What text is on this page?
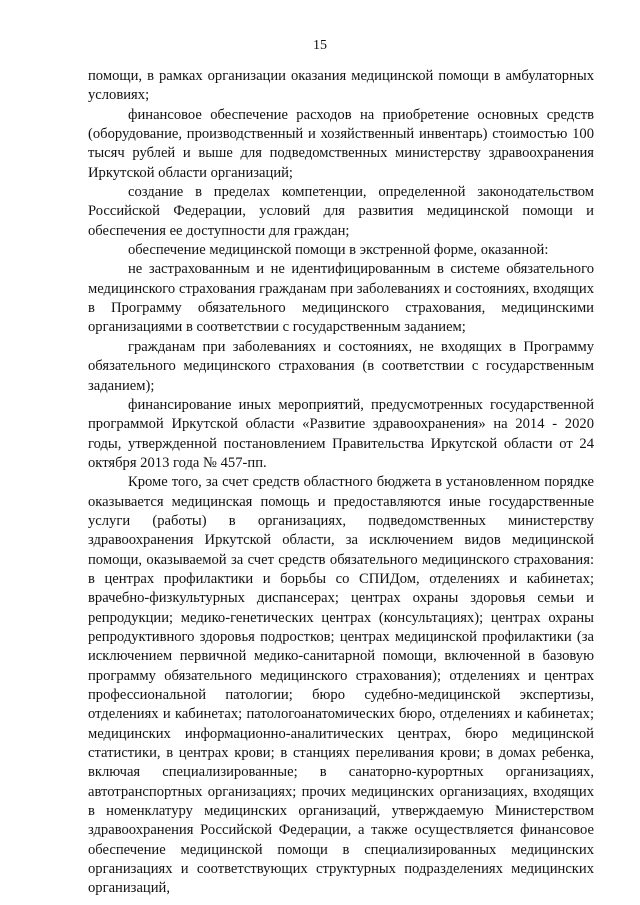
15

помощи, в рамках организации оказания медицинской помощи в амбулаторных условиях;

финансовое обеспечение расходов на приобретение основных средств (оборудование, производственный и хозяйственный инвентарь) стоимостью 100 тысяч рублей и выше для подведомственных министерству здравоохранения Иркутской области организаций;

создание в пределах компетенции, определенной законодательством Российской Федерации, условий для развития медицинской помощи и обеспечения ее доступности для граждан;

обеспечение медицинской помощи в экстренной форме, оказанной:

не застрахованным и не идентифицированным в системе обязательного медицинского страхования гражданам при заболеваниях и состояниях, входящих в Программу обязательного медицинского страхования, медицинскими организациями в соответствии с государственным заданием;

гражданам при заболеваниях и состояниях, не входящих в Программу обязательного медицинского страхования (в соответствии с государственным заданием);

финансирование иных мероприятий, предусмотренных государственной программой Иркутской области «Развитие здравоохранения» на 2014 - 2020 годы, утвержденной постановлением Правительства Иркутской области от 24 октября 2013 года № 457-пп.

Кроме того, за счет средств областного бюджета в установленном порядке оказывается медицинская помощь и предоставляются иные государственные услуги (работы) в организациях, подведомственных министерству здравоохранения Иркутской области, за исключением видов медицинской помощи, оказываемой за счет средств обязательного медицинского страхования: в центрах профилактики и борьбы со СПИДом, отделениях и кабинетах; врачебно-физкультурных диспансерах; центрах охраны здоровья семьи и репродукции; медико-генетических центрах (консультациях); центрах охраны репродуктивного здоровья подростков; центрах медицинской профилактики (за исключением первичной медико-санитарной помощи, включенной в базовую программу обязательного медицинского страхования); отделениях и центрах профессиональной патологии; бюро судебно-медицинской экспертизы, отделениях и кабинетах; патологоанатомических бюро, отделениях и кабинетах; медицинских информационно-аналитических центрах, бюро медицинской статистики, в центрах крови; в станциях переливания крови; в домах ребенка, включая специализированные; в санаторно-курортных организациях, автотранспортных организациях; прочих медицинских организациях, входящих в номенклатуру медицинских организаций, утверждаемую Министерством здравоохранения Российской Федерации, а также осуществляется финансовое обеспечение медицинской помощи в специализированных медицинских организациях и соответствующих структурных подразделениях медицинских организаций,
